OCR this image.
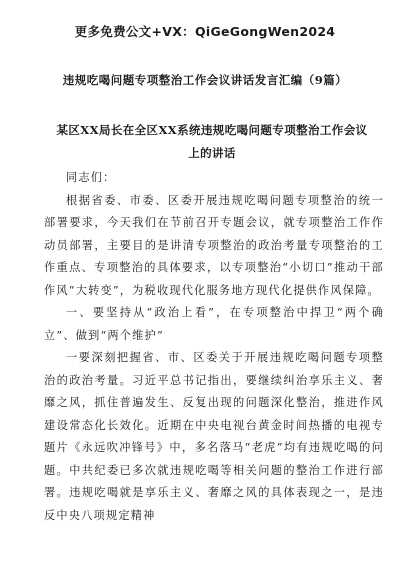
更多免费公文+VX：QiGeGongWen2024
违规吃喝问题专项整治工作会议讲话发言汇编（9篇）
某区XX局长在全区XX系统违规吃喝问题专项整治工作会议
上的讲话

同志们：

根据省委、市委、区委开展违规吃喝问题专项整治的统一部署要求，今天我们在节前召开专题会议，就专项整治工作作动员部署，主要目的是讲清专项整治的政治考量专项整治的工作重点、专项整治的具体要求，以专项整治“小切口”推动干部作风“大转变”，为税收现代化服务地方现代化提供作风保障。

一、要坚持从“政治上看”，在专项整治中捍卫“两个确立”、做到“两个维护”

一要深刻把握省、市、区委关于开展违规吃喝问题专项整治的政治考量。习近平总书记指出，要继续纠治享乐主义、奢靡之风，抓住普遍发生、反复出现的问题深化整治，推进作风建设常态化长效化。近期在中央电视台黄金时间热播的电视专题片《永远吹冲锋号》中，多名落马“老虎”均有违规吃喝的问题。中共纪委已多次就违规吃喝等相关问题的整治工作进行部署。违规吃喝就是享乐主义、奢靡之风的具体表现之一，是违反中央八项规定精神
